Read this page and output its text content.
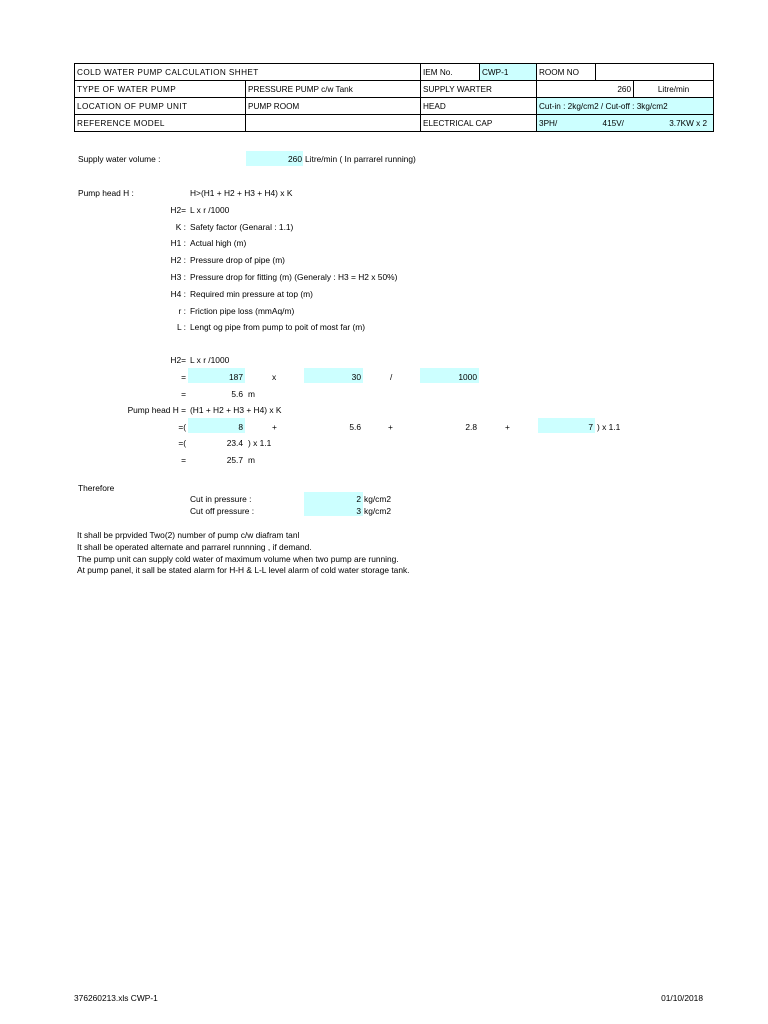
COLD WATER PUMP CALCULATION SHHET		IEM No.	CWP-1	ROOM NO		
TYPE OF WATER PUMP	PRESSURE PUMP c/w Tank	SUPPLY WARTER		260		Litre/min
LOCATION OF PUMP UNIT	PUMP ROOM	HEAD		Cut-in : 2kg/cm2 / Cut-off : 3kg/cm2		
REFERENCE MODEL		ELECTRICAL CAP		3PH/ 415V/ 3.7KW x 2		
Supply water volume :	260 Litre/min ( In parrarel running)
Pump head H :	H>(H1 + H2 + H3 + H4) x K
H2= L x r /1000
K : Safety factor (Genaral : 1.1)
H1 : Actual high (m)
H2 : Pressure drop of pipe (m)
H3 : Pressure drop for fitting (m) (Generaly : H3 = H2 x 50%)
H4 : Required min pressure at top (m)
r : Friction pipe loss (mmAq/m)
L : Lengt og pipe from pump to poit of most far (m)
H2= L x r /1000
=	187	x	30	/	1000
=	5.6 m
Pump head H = (H1 + H2 + H3 + H4) x K
=(	8	+	5.6	+	2.8	+	7 ) x 1.1
=(	23.4 ) x 1.1
=	25.7 m
Therefore
Cut in pressure :	2 kg/cm2
Cut off pressure :	3 kg/cm2
It shall be prpvided Two(2) number of pump c/w diafram tanl
It shall be operated alternate and parrarel runnning , if demand.
The pump unit can supply cold water of maximum volume when two pump are running.
At pump panel, it sall be stated alarm for H-H & L-L level alarm of cold water storage tank.
376260213.xls CWP-1	01/10/2018
